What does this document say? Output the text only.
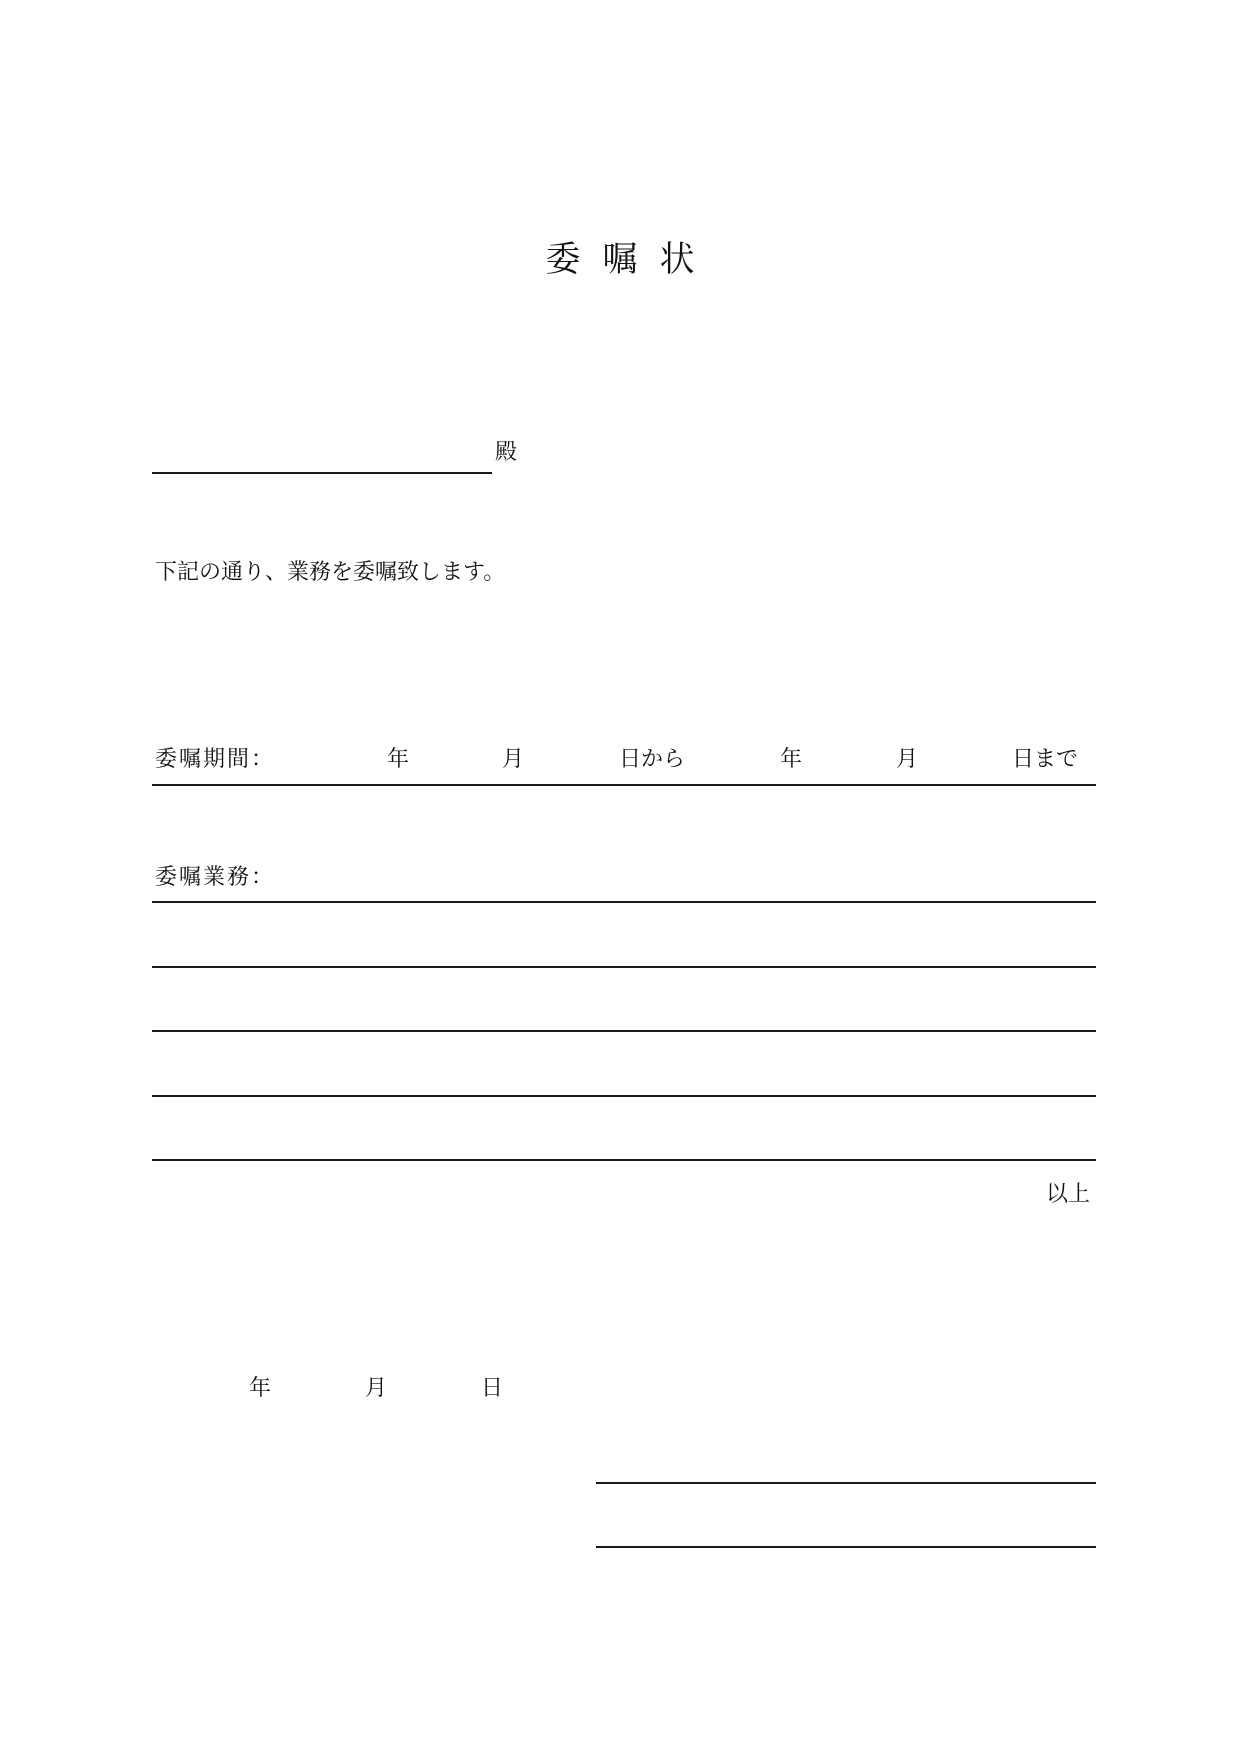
委嘱状
殿
下記の通り、業務を委嘱致します。
委嘱期間：	年	月	日から	年	月	日まで
委嘱業務：
以上
年	月	日
